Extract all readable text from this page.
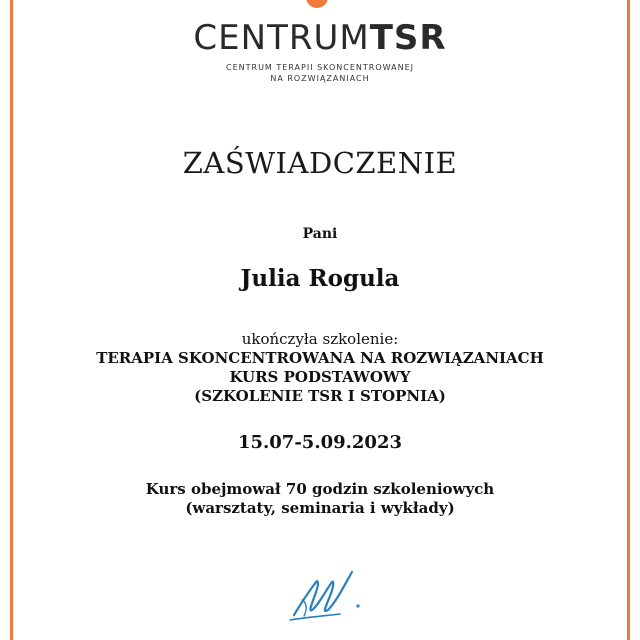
CENTRUMTSR
CENTRUM TERAPII SKONCENTROWANEJ
NA ROZWIĄZANIACH
ZAŚWIADCZENIE
Pani
Julia Rogula
ukończyła szkolenie:
TERAPIA SKONCENTROWANA NA ROZWIĄZANIACH
KURS PODSTAWOWY
(SZKOLENIE TSR I STOPNIA)
15.07-5.09.2023
Kurs obejmował 70 godzin szkoleniowych
(warsztaty, seminaria i wykłady)
